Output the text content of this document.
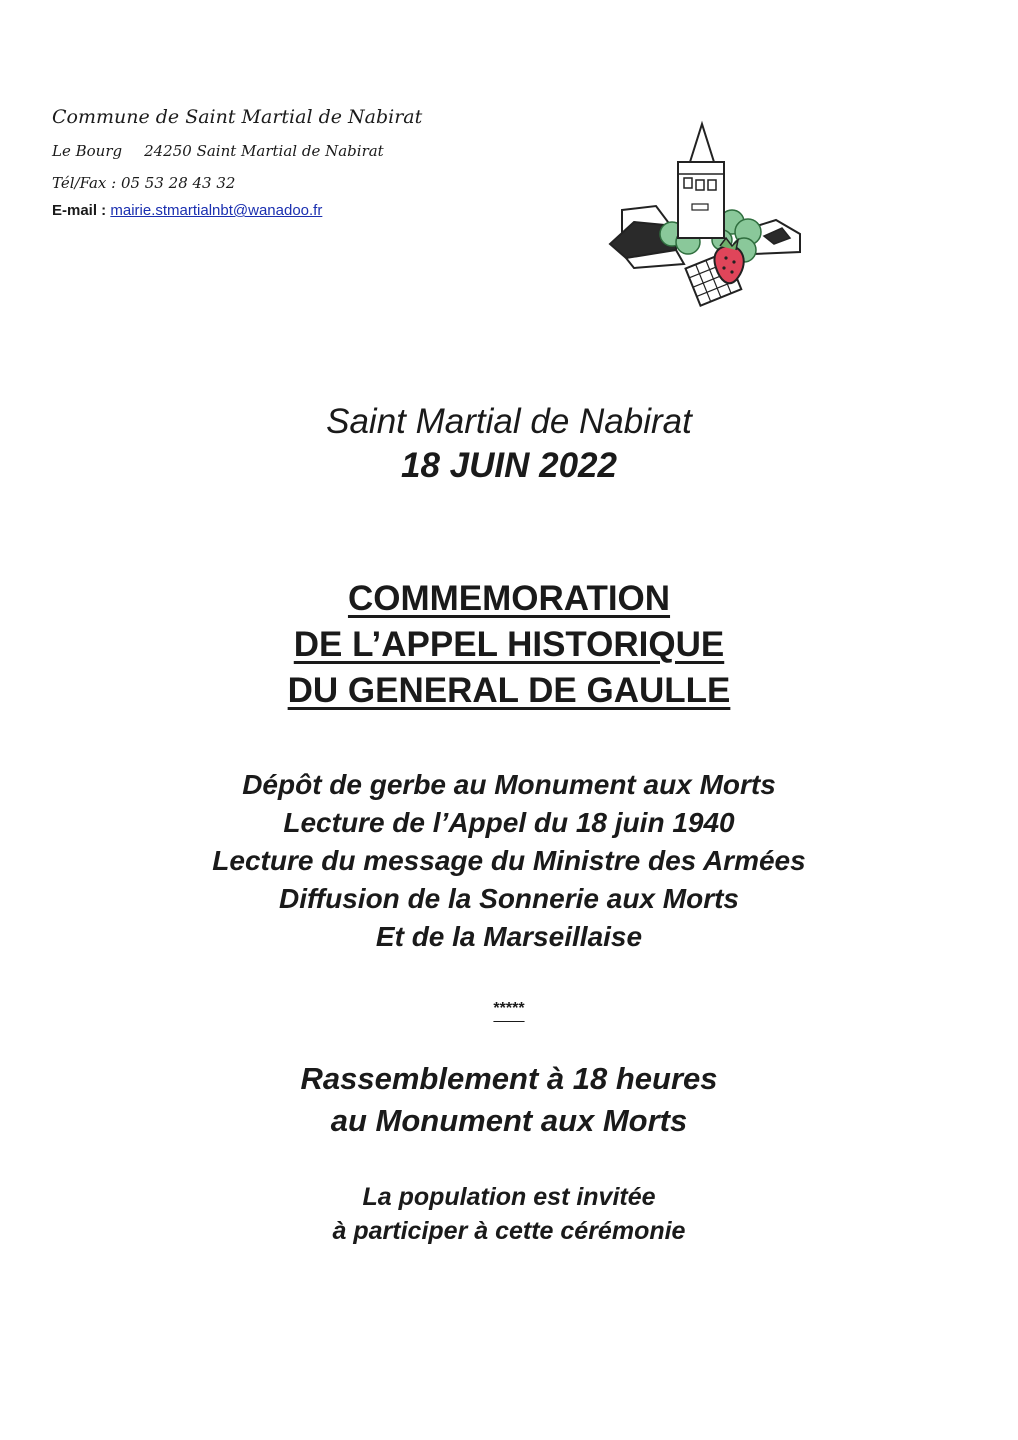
Commune de Saint Martial de Nabirat
Le Bourg 24250 Saint Martial de Nabirat
Tél/Fax : 05 53 28 43 32
E-mail : mairie.stmartialnbt@wanadoo.fr
Saint Martial de Nabirat
18 JUIN 2022
COMMEMORATION
DE L’APPEL HISTORIQUE
DU GENERAL DE GAULLE
Dépôt de gerbe au Monument aux Morts
Lecture de l’Appel du 18 juin 1940
Lecture du message du Ministre des Armées
Diffusion de la Sonnerie aux Morts
Et de la Marseillaise
*****
Rassemblement à 18 heures
au Monument aux Morts
La population est invitée
à participer à cette cérémonie
